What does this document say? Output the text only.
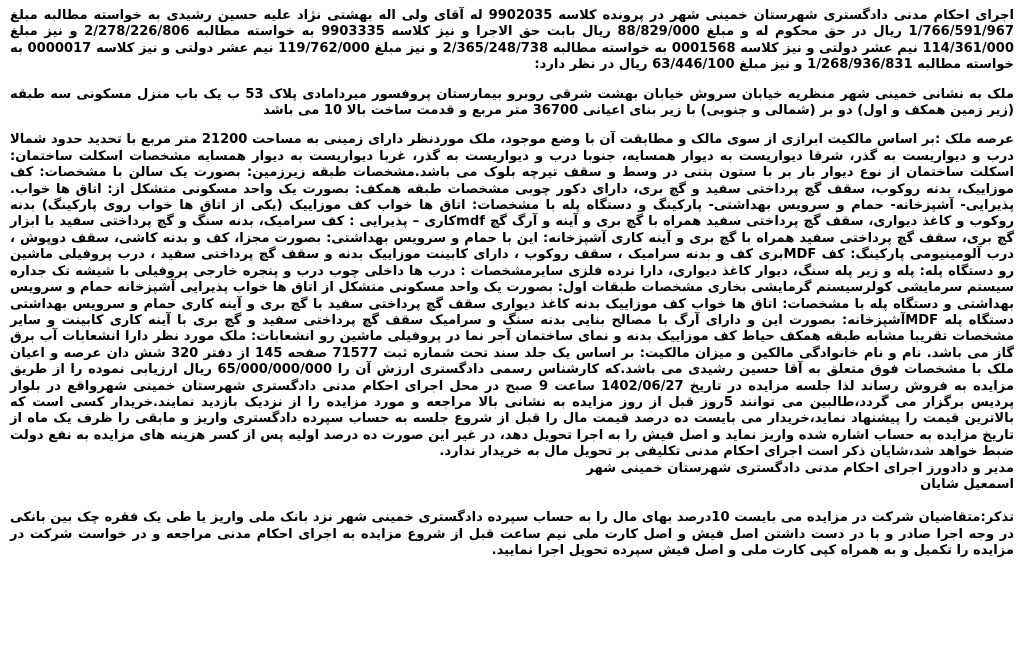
اجرای احکام مدنی دادگستری شهرستان خمینی شهر در پرونده کلاسه 9902035 له آقای ولی اله بهشتی نژاد علیه حسین رشیدی به خواسته مطالبه مبلغ 1/766/591/967 ریال در حق محکوم له و مبلغ 88/829/000 ریال بابت حق الاجرا و نیز کلاسه 9903335 به خواسته مطالبه 2/278/226/806 و نیز مبلغ 114/361/000 نیم عشر دولتی و نیز کلاسه 0001568 به خواسته مطالبه 2/365/248/738 و نیز مبلغ 119/762/000 نیم عشر دولتی و نیز کلاسه 0000017 به خواسته مطالبه 1/268/936/831 و نیز مبلغ 63/446/100 ریال در نظر دارد:

ملک به نشانی خمینی شهر منظریه خیابان سروش خیابان بهشت شرقی روبرو بیمارستان پروفسور میردامادی پلاک 53 ب یک باب منزل مسکونی سه طبقه (زیر زمین همکف و اول) دو بر (شمالی و جنوبی) با زیر بنای اعیانی 36700 متر مربع و قدمت ساخت بالا 10 می باشد

عرصه ملک :بر اساس مالکیت ابرازی از سوی مالک و مطابقت آن با وضع موجود، ملک موردنظر دارای زمینی به مساحت 21200 متر مربع با تحدید حدود شمالا درب و دیواریست به گذر، شرقا دیواریست به دیوار همسایه، جنوبا درب و دیواریست به گذر، غربا دیواریست به دیوار همسایه مشخصات اسکلت ساختمان: اسکلت ساختمان از نوع دیوار بار بر با ستون بتنی در وسط و سقف تیرچه بلوک می باشد.مشخصات طبقه زیرزمین: بصورت یک سالن با مشخصات: کف موزاییک، بدنه روکوب، سقف گچ پرداختی سفید و گچ بری، دارای دکور چوبی مشخصات طبقه همکف: بصورت یک واحد مسکونی متشکل از: اتاق ها خواب. پذیرایی- آشپزخانه- حمام و سرویس بهداشتی- پارکینگ و دستگاه پله با مشخصات: اتاق ها خواب کف موزاییک (یکی از اتاق ها خواب روی پارکینگ) بدنه روکوب و کاغذ دیواری، سقف گچ پرداختی سفید همراه با گچ بری و آینه و آرگ گچ mdfکاری – پذیرایی : کف سرامیک، بدنه سنگ و گچ پرداختی سفید با ابزار گچ بری، سقف گچ پرداختی سفید همراه با گچ بری و آینه کاری آشپزخانه: این با حمام و سرویس بهداشتی: بصورت مجزا، کف و بدنه کاشی، سقف دوپوش ، درب آلومینیومی پارکینگ: کف MDFبری کف و بدنه سرامیک ، سقف روکوب ، دارای کابینت موزاییک بدنه و سقف گچ پرداختی سفید ، درب پروفیلی ماشین رو دستگاه پله: پله و زیر پله سنگ، دیوار کاغذ دیواری، دارا نرده فلزی سایرمشخصات : درب ها داخلی چوب درب و پنجره خارجی پروفیلی با شیشه تک جداره سیستم سرمایشی کولرسیستم گرمایشی بخاری مشخصات طبقات اول: بصورت یک واحد مسکونی متشکل از اتاق ها خواب پذیرایی آشپزخانه حمام و سرویس بهداشتی و دستگاه پله با مشخصات: اتاق ها خواب کف موزاییک بدنه کاغذ دیواری سقف گچ پرداختی سفید با گچ بری و آینه کاری حمام و سرویس بهداشتی دستگاه پله MDFآشپزخانه: بصورت این و دارای آرگ با مصالح بنایی بدنه سنگ و سرامیک سقف گچ پرداختی سفید و گچ بری با آینه کاری کابینت و سایر مشخصات تقریبا مشابه طبقه همکف حیاط کف موزاییک بدنه و نمای ساختمان آجر نما در پروفیلی ماشین رو انشعابات: ملک مورد نظر دارا انشعابات آب برق گاز می باشد. نام و نام خانوادگی مالکین و میزان مالکیت: بر اساس یک جلد سند تحت شماره ثبت 71577 صفحه 145 از دفتر 320 شش دان عرصه و اعیان ملک با مشخصات فوق متعلق به آقا حسین رشیدی می باشد.که کارشناس رسمی دادگستری ارزش آن را 65/000/000/000 ریال ارزیابی نموده را از طریق مزایده به فروش رساند لذا جلسه مزایده در تاریخ 1402/06/27 ساعت 9 صبح در محل اجرای احکام مدنی دادگستری شهرستان خمینی شهرواقع در بلوار پردیس برگزار می گردد،طالبین می توانند 5روز قبل از روز مزایده به نشانی بالا مراجعه و مورد مزایده را از نزدیک بازدید نمایند.خریدار کسی است که بالاترین قیمت را پیشنهاد نماید،خریدار می بایست ده درصد قیمت مال را قبل از شروع جلسه به حساب سپرده دادگستری واریز و مابقی را ظرف یک ماه از تاریخ مزایده به حساب اشاره شده واریز نماید و اصل فیش را به اجرا تحویل دهد، در غیر این صورت ده درصد اولیه پس از کسر هزینه های مزایده به نفع دولت ضبط خواهد شد،شایان ذکر است اجرای احکام مدنی تکلیفی بر تحویل مال به خریدار ندارد.

مدیر و دادورز اجرای احکام مدنی دادگستری شهرستان خمینی شهر

اسمعیل شایان

تذکر:متقاضیان شرکت در مزایده می بایست 10درصد بهای مال را به حساب سپرده دادگستری خمینی شهر نزد بانک ملی واریز یا طی یک فقره چک بین بانکی در وجه اجرا صادر و با در دست داشتن اصل فیش و اصل کارت ملی نیم ساعت قبل از شروع مزایده به اجرای احکام مدنی مراجعه و در خواست شرکت در مزایده را تکمیل و به همراه کپی کارت ملی و اصل فیش سپرده تحویل اجرا نمایید.
